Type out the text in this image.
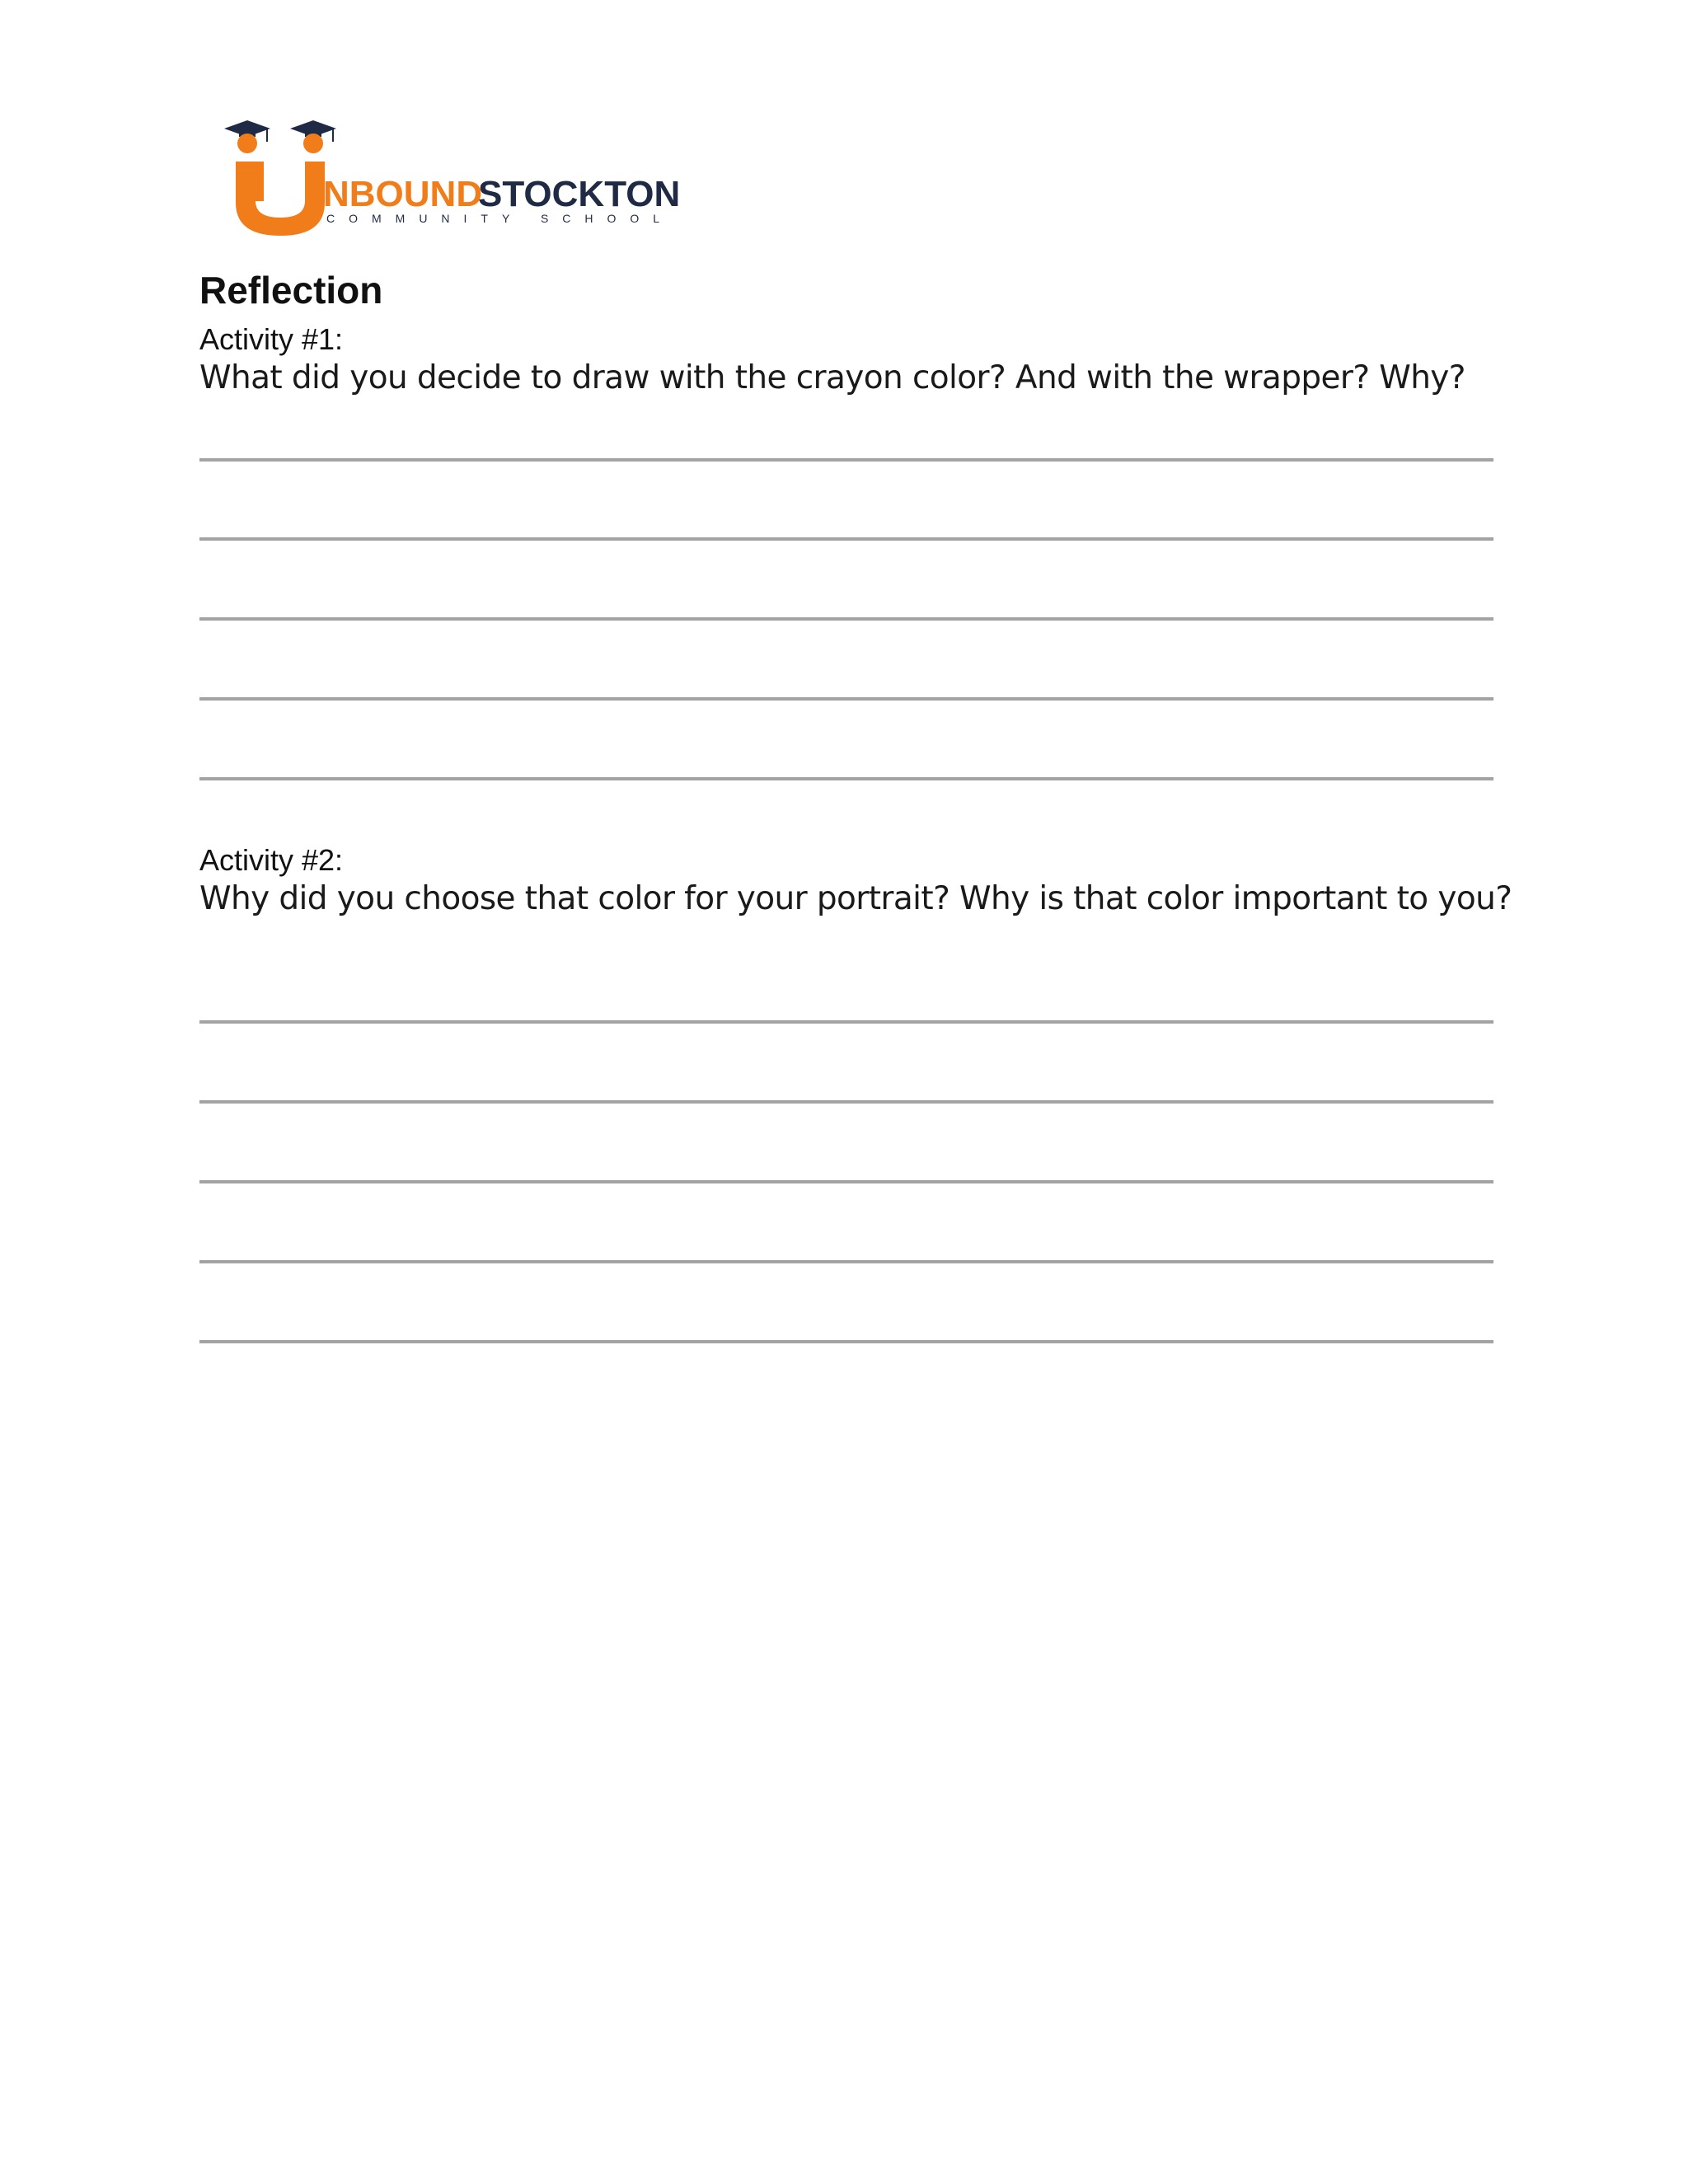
NBOUND
STOCKTON
COMMUNITY SCHOOL
Reflection
Activity #1:
What did you decide to draw with the crayon color? And with the wrapper? Why?
Activity #2:
Why did you choose that color for your portrait? Why is that color important to you?
